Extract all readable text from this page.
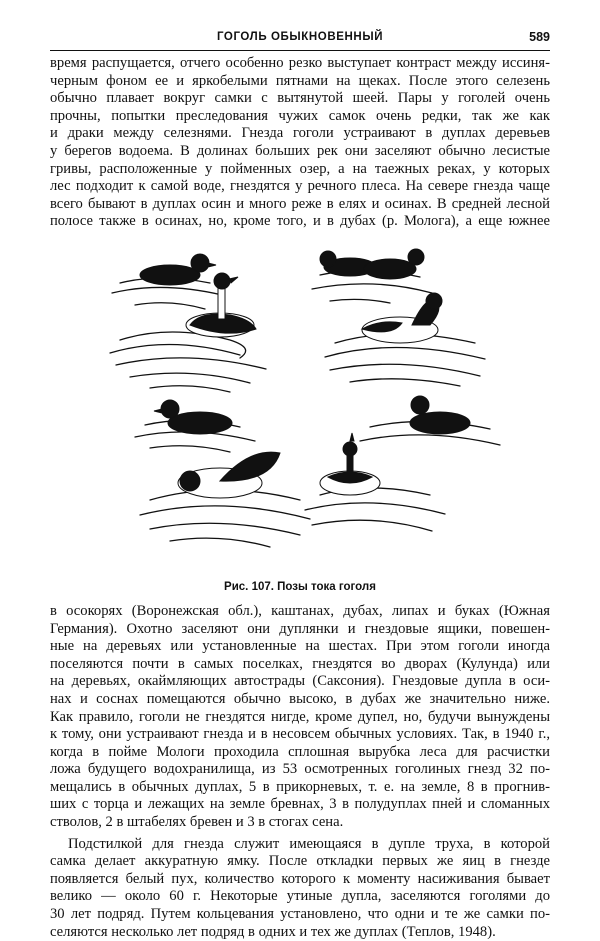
ГОГОЛЬ ОБЫКНОВЕННЫЙ	589
время распущается, отчего особенно резко выступает контраст между иссиня-
черным фоном ее и яркобелыми пятнами на щеках. После этого селезень
обычно плавает вокруг самки с вытянутой шеей. Пары у гоголей очень
прочны, попытки преследования чужих самок очень редки, так же как
и драки между селезнями. Гнезда гоголи устраивают в дуплах деревьев
у берегов водоема. В долинах больших рек они заселяют обычно лесистые
гривы, расположенные у пойменных озер, а на таежных реках, у которых
лес подходит к самой воде, гнездятся у речного плеса. На севере гнезда чаще
всего бывают в дуплах осин и много реже в елях и осинах. В средней лесной
полосе также в осинах, но, кроме того, и в дубах (р. Молога), а еще южнее
Рис. 107. Позы тока гоголя
в осокорях (Воронежская обл.), каштанах, дубах, липах и буках (Южная
Германия). Охотно заселяют они дуплянки и гнездовые ящики, повешен-
ные на деревьях или установленные на шестах. При этом гоголи иногда
поселяются почти в самых поселках, гнездятся во дворах (Кулунда) или
на деревьях, окаймляющих автострады (Саксония). Гнездовые дупла в оси-
нах и соснах помещаются обычно высоко, в дубах же значительно ниже.
Как правило, гоголи не гнездятся нигде, кроме дупел, но, будучи вынуждены
к тому, они устраивают гнезда и в несовсем обычных условиях. Так, в 1940 г.,
когда в пойме Мологи проходила сплошная вырубка леса для расчистки
ложа будущего водохранилища, из 53 осмотренных гоголиных гнезд 32 по-
мещались в обычных дуплах, 5 в прикорневых, т. е. на земле, 8 в прогнив-
ших с торца и лежащих на земле бревнах, 3 в полудуплах пней и сломанных
стволов, 2 в штабелях бревен и 3 в стогах сена.
Подстилкой для гнезда служит имеющаяся в дупле труха, в которой
самка делает аккуратную ямку. После откладки первых же яиц в гнезде
появляется белый пух, количество которого к моменту насиживания бывает
велико — около 60 г. Некоторые утиные дупла, заселяются гоголями до
30 лет подряд. Путем кольцевания установлено, что одни и те же самки по-
селяются несколько лет подряд в одних и тех же дуплах (Теплов, 1948).
